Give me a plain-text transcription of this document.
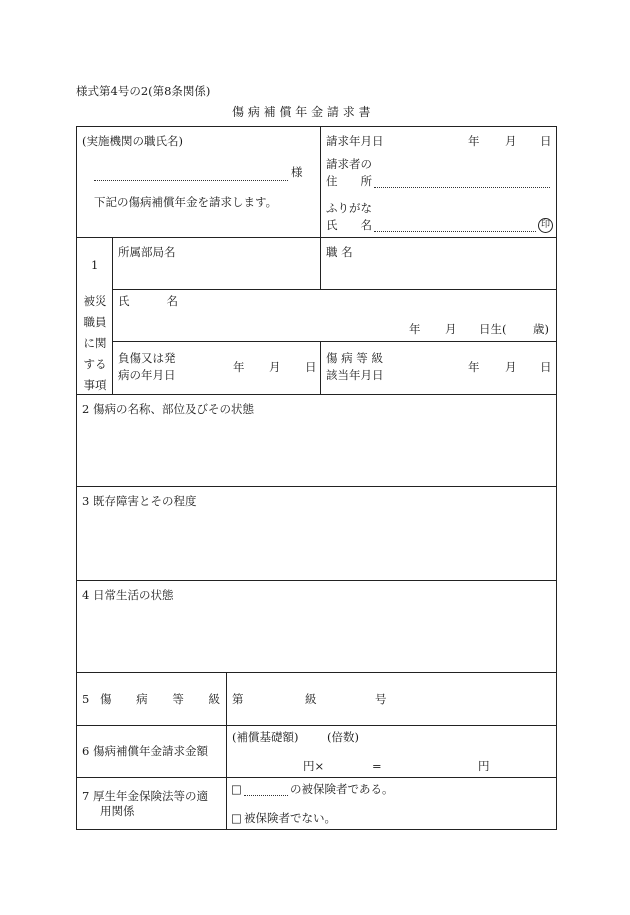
様式第4号の2(第8条関係)
傷 病 補 償 年 金 請 求 書
(実施機関の職氏名)
様
下記の傷病補償年金を請求します。
請求年月日	年 月 日
請求者の
住 所
ふりがな
氏 名	印
1
被災
職員
に関
する
事項
所属部局名	職 名
氏	名
年 月 日生( 歳)
負傷又は発
病の年月日
年 月 日
傷 病 等 級
該当年月日
年 月 日
2 傷病の名称、部位及びその状態
3 既存障害とその程度
4 日常生活の状態
5 傷 病 等 級 第	級	号
6 傷病補償年金請求金額
(補償基礎額) (倍数)
円×	=	円
7 厚生年金保険法等の適
用関係
□	の被保険者である。
□ 被保険者でない。
